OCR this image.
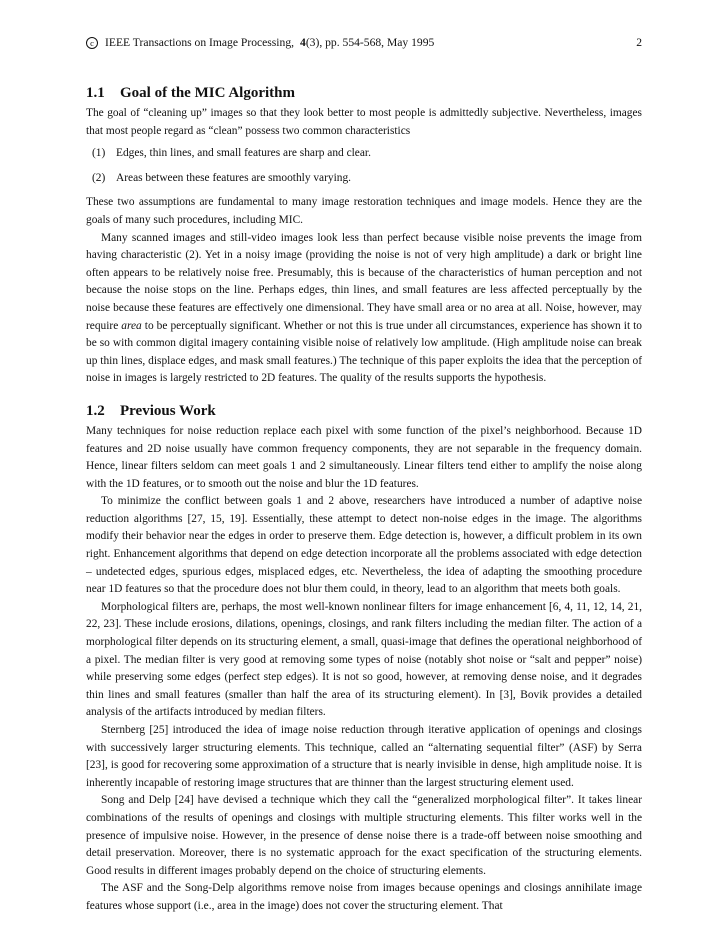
c IEEE Transactions on Image Processing, 4 (3), pp. 554-568, May 1995	2
1.1	Goal of the MIC Algorithm

The goal of “cleaning up” images so that they look better to most people is admittedly subjective. Nevertheless, images that most people regard as “clean” possess two common characteristics

(1) Edges, thin lines, and small features are sharp and clear.
(2) Areas between these features are smoothly varying.

These two assumptions are fundamental to many image restoration techniques and image models. Hence they are the goals of many such procedures, including MIC.

Many scanned images and still-video images look less than perfect because visible noise prevents the image from having characteristic (2). Yet in a noisy image (providing the noise is not of very high amplitude) a dark or bright line often appears to be relatively noise free. Presumably, this is because of the characteristics of human perception and not because the noise stops on the line. Perhaps edges, thin lines, and small features are less affected perceptually by the noise because these features are effectively one dimensional. They have small area or no area at all. Noise, however, may require area to be perceptually significant. Whether or not this is true under all circumstances, experience has shown it to be so with common digital imagery containing visible noise of relatively low amplitude. (High amplitude noise can break up thin lines, displace edges, and mask small features.) The technique of this paper exploits the idea that the perception of noise in images is largely restricted to 2D features. The quality of the results supports the hypothesis.

1.2	Previous Work

Many techniques for noise reduction replace each pixel with some function of the pixel’s neighborhood. Because 1D features and 2D noise usually have common frequency components, they are not separable in the frequency domain. Hence, linear filters seldom can meet goals 1 and 2 simultaneously. Linear filters tend either to amplify the noise along with the 1D features, or to smooth out the noise and blur the 1D features.

To minimize the conflict between goals 1 and 2 above, researchers have introduced a number of adaptive noise reduction algorithms [27, 15, 19]. Essentially, these attempt to detect non-noise edges in the image. The algorithms modify their behavior near the edges in order to preserve them. Edge detection is, however, a difficult problem in its own right. Enhancement algorithms that depend on edge detection incorporate all the problems associated with edge detection – undetected edges, spurious edges, misplaced edges, etc. Nevertheless, the idea of adapting the smoothing procedure near 1D features so that the procedure does not blur them could, in theory, lead to an algorithm that meets both goals.

Morphological filters are, perhaps, the most well-known nonlinear filters for image enhancement [6, 4, 11, 12, 14, 21, 22, 23]. These include erosions, dilations, openings, closings, and rank filters including the median filter. The action of a morphological filter depends on its structuring element, a small, quasi-image that defines the operational neighborhood of a pixel. The median filter is very good at removing some types of noise (notably shot noise or “salt and pepper” noise) while preserving some edges (perfect step edges). It is not so good, however, at removing dense noise, and it degrades thin lines and small features (smaller than half the area of its structuring element). In [3], Bovik provides a detailed analysis of the artifacts introduced by median filters.

Sternberg [25] introduced the idea of image noise reduction through iterative application of openings and closings with successively larger structuring elements. This technique, called an “alternating sequential filter” (ASF) by Serra [23], is good for recovering some approximation of a structure that is nearly invisible in dense, high amplitude noise. It is inherently incapable of restoring image structures that are thinner than the largest structuring element used.

Song and Delp [24] have devised a technique which they call the “generalized morphological filter”. It takes linear combinations of the results of openings and closings with multiple structuring elements. This filter works well in the presence of impulsive noise. However, in the presence of dense noise there is a trade-off between noise smoothing and detail preservation. Moreover, there is no systematic approach for the exact specification of the structuring elements. Good results in different images probably depend on the choice of structuring elements.

The ASF and the Song-Delp algorithms remove noise from images because openings and closings annihilate image features whose support (i.e., area in the image) does not cover the structuring element. That
